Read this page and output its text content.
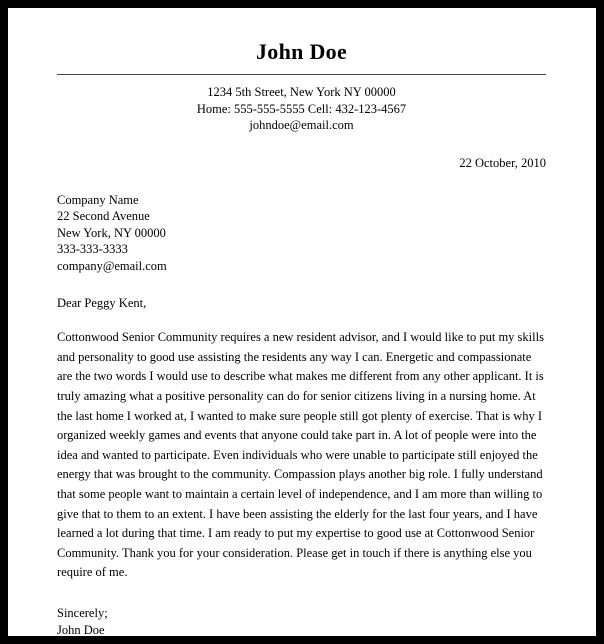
John Doe
1234 5th Street, New York NY 00000
Home: 555-555-5555 Cell: 432-123-4567
johndoe@email.com
22 October, 2010
Company Name
22 Second Avenue
New York, NY 00000
333-333-3333
company@email.com
Dear Peggy Kent,

Cottonwood Senior Community requires a new resident advisor, and I would like to put my skills and personality to good use assisting the residents any way I can. Energetic and compassionate are the two words I would use to describe what makes me different from any other applicant. It is truly amazing what a positive personality can do for senior citizens living in a nursing home. At the last home I worked at, I wanted to make sure people still got plenty of exercise. That is why I organized weekly games and events that anyone could take part in. A lot of people were into the idea and wanted to participate. Even individuals who were unable to participate still enjoyed the energy that was brought to the community. Compassion plays another big role. I fully understand that some people want to maintain a certain level of independence, and I am more than willing to give that to them to an extent. I have been assisting the elderly for the last four years, and I have learned a lot during that time. I am ready to put my expertise to good use at Cottonwood Senior Community. Thank you for your consideration. Please get in touch if there is anything else you require of me.

Sincerely;
John Doe
